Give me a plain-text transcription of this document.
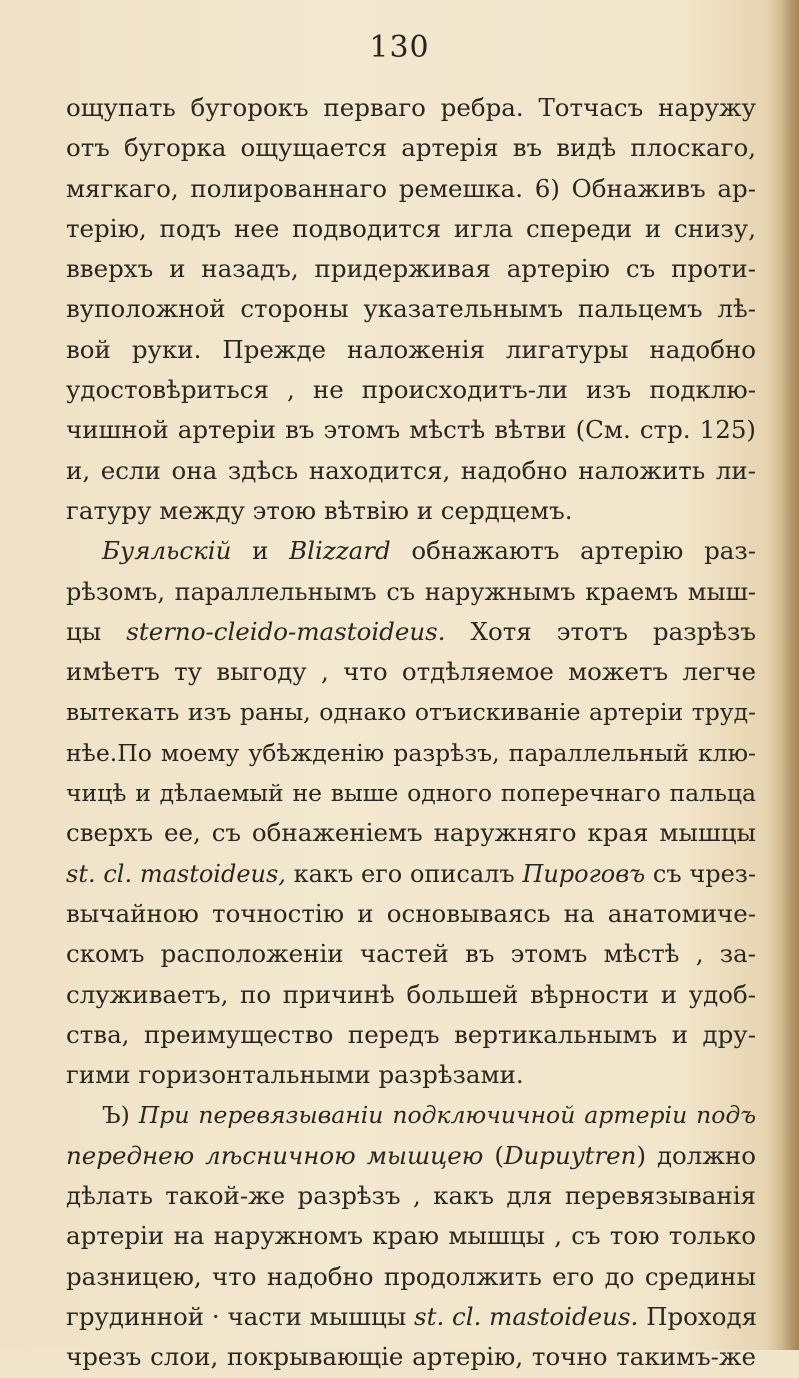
130
ощупать бугорокъ перваго ребра. Тотчасъ наружу
отъ бугорка ощущается артерія въ видѣ плоскаго,
мягкаго, полированнаго ремешка. 6) Обнаживъ ар-
терію, подъ нее подводится игла спереди и снизу,
вверхъ и назадъ, придерживая артерію съ проти-
вуположной стороны указательнымъ пальцемъ лѣ-
вой руки. Прежде наложенія лигатуры надобно
удостовѣриться , не происходитъ-ли изъ подклю-
чишной артеріи въ этомъ мѣстѣ вѣтви (См. стр. 125)
и, если она здѣсь находится, надобно наложить ли-
гатуру между этою вѣтвію и сердцемъ.
Буяльскій и Blizzard обнажаютъ артерію раз-
рѣзомъ, параллельнымъ съ наружнымъ краемъ мыш-
цы sterno-cleido-mastoideus. Хотя этотъ разрѣзъ
имѣетъ ту выгоду , что отдѣляемое можетъ легче
вытекать изъ раны, однако отъискиваніе артеріи труд-
нѣе.По моему убѣжденію разрѣзъ, параллельный клю-
чицѣ и дѣлаемый не выше одного поперечнаго пальца
сверхъ ее, съ обнаженіемъ наружняго края мышцы
st. cl. mastoideus, какъ его описалъ Пироговъ съ чрез-
вычайною точностію и основываясь на анатомиче-
скомъ расположеніи частей въ этомъ мѣстѣ , за-
служиваетъ, по причинѣ большей вѣрности и удоб-
ства, преимущество передъ вертикальнымъ и дру-
гими горизонтальными разрѣзами.
Ъ) При перевязываніи подключичной артеріи подъ
переднею лѣсничною мышцею (Dupuytren) должно
дѣлать такой-же разрѣзъ , какъ для перевязыванія
артеріи на наружномъ краю мышцы , съ тою только
разницею, что надобно продолжить его до средины
грудинной · части мышцы st. cl. mastoideus. Проходя
чрезъ слои, покрывающіе артерію, точно такимъ-же
